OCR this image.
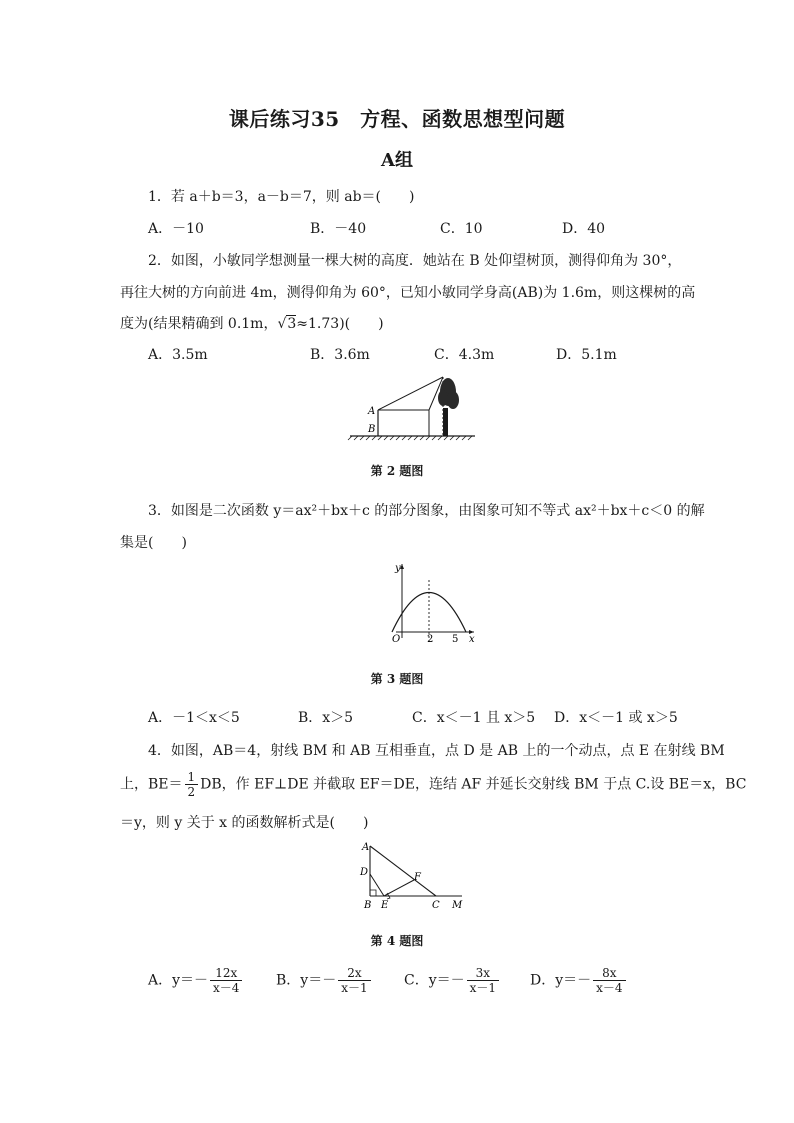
课后练习35　方程、函数思想型问题
A组
1．若 a＋b＝3，a－b＝7，则 ab＝(　　)
A．－10	B．－40	C．10	D．40
2．如图，小敏同学想测量一棵大树的高度．她站在 B 处仰望树顶，测得仰角为 30°，
再往大树的方向前进 4m，测得仰角为 60°，已知小敏同学身高(AB)为 1.6m，则这棵树的高
度为(结果精确到 0.1m，√3≈1.73)(　　)
A．3.5m	B．3.6m	C．4.3m	D．5.1m
A
B
第 2 题图
3．如图是二次函数 y＝ax²＋bx＋c 的部分图象，由图象可知不等式 ax²＋bx＋c＜0 的解
集是(　　)
y
x
O	2 5
第 3 题图
A．－1＜x＜5	B．x＞5	C．x＜－1 且 x＞5 D．x＜－1 或 x＞5
4．如图，AB＝4，射线 BM 和 AB 互相垂直，点 D 是 AB 上的一个动点，点 E 在射线 BM
上，$BE= \frac{1}{2}$ DB，作 EF⊥DE 并截取 EF＝DE，连结 AF 并延长交射线 BM 于点 C.设 BE＝x，BC
＝y，则 y 关于 x 的函数解析式是(　　)
A
D	F
B E	C M
第 4 题图
A．$y=- \frac{12x}{x-4}$ B．$y=- \frac{2x}{x-1}$ C．$y=- \frac{3x}{x-1}$ D．$y=- \frac{8x}{x-4}$
